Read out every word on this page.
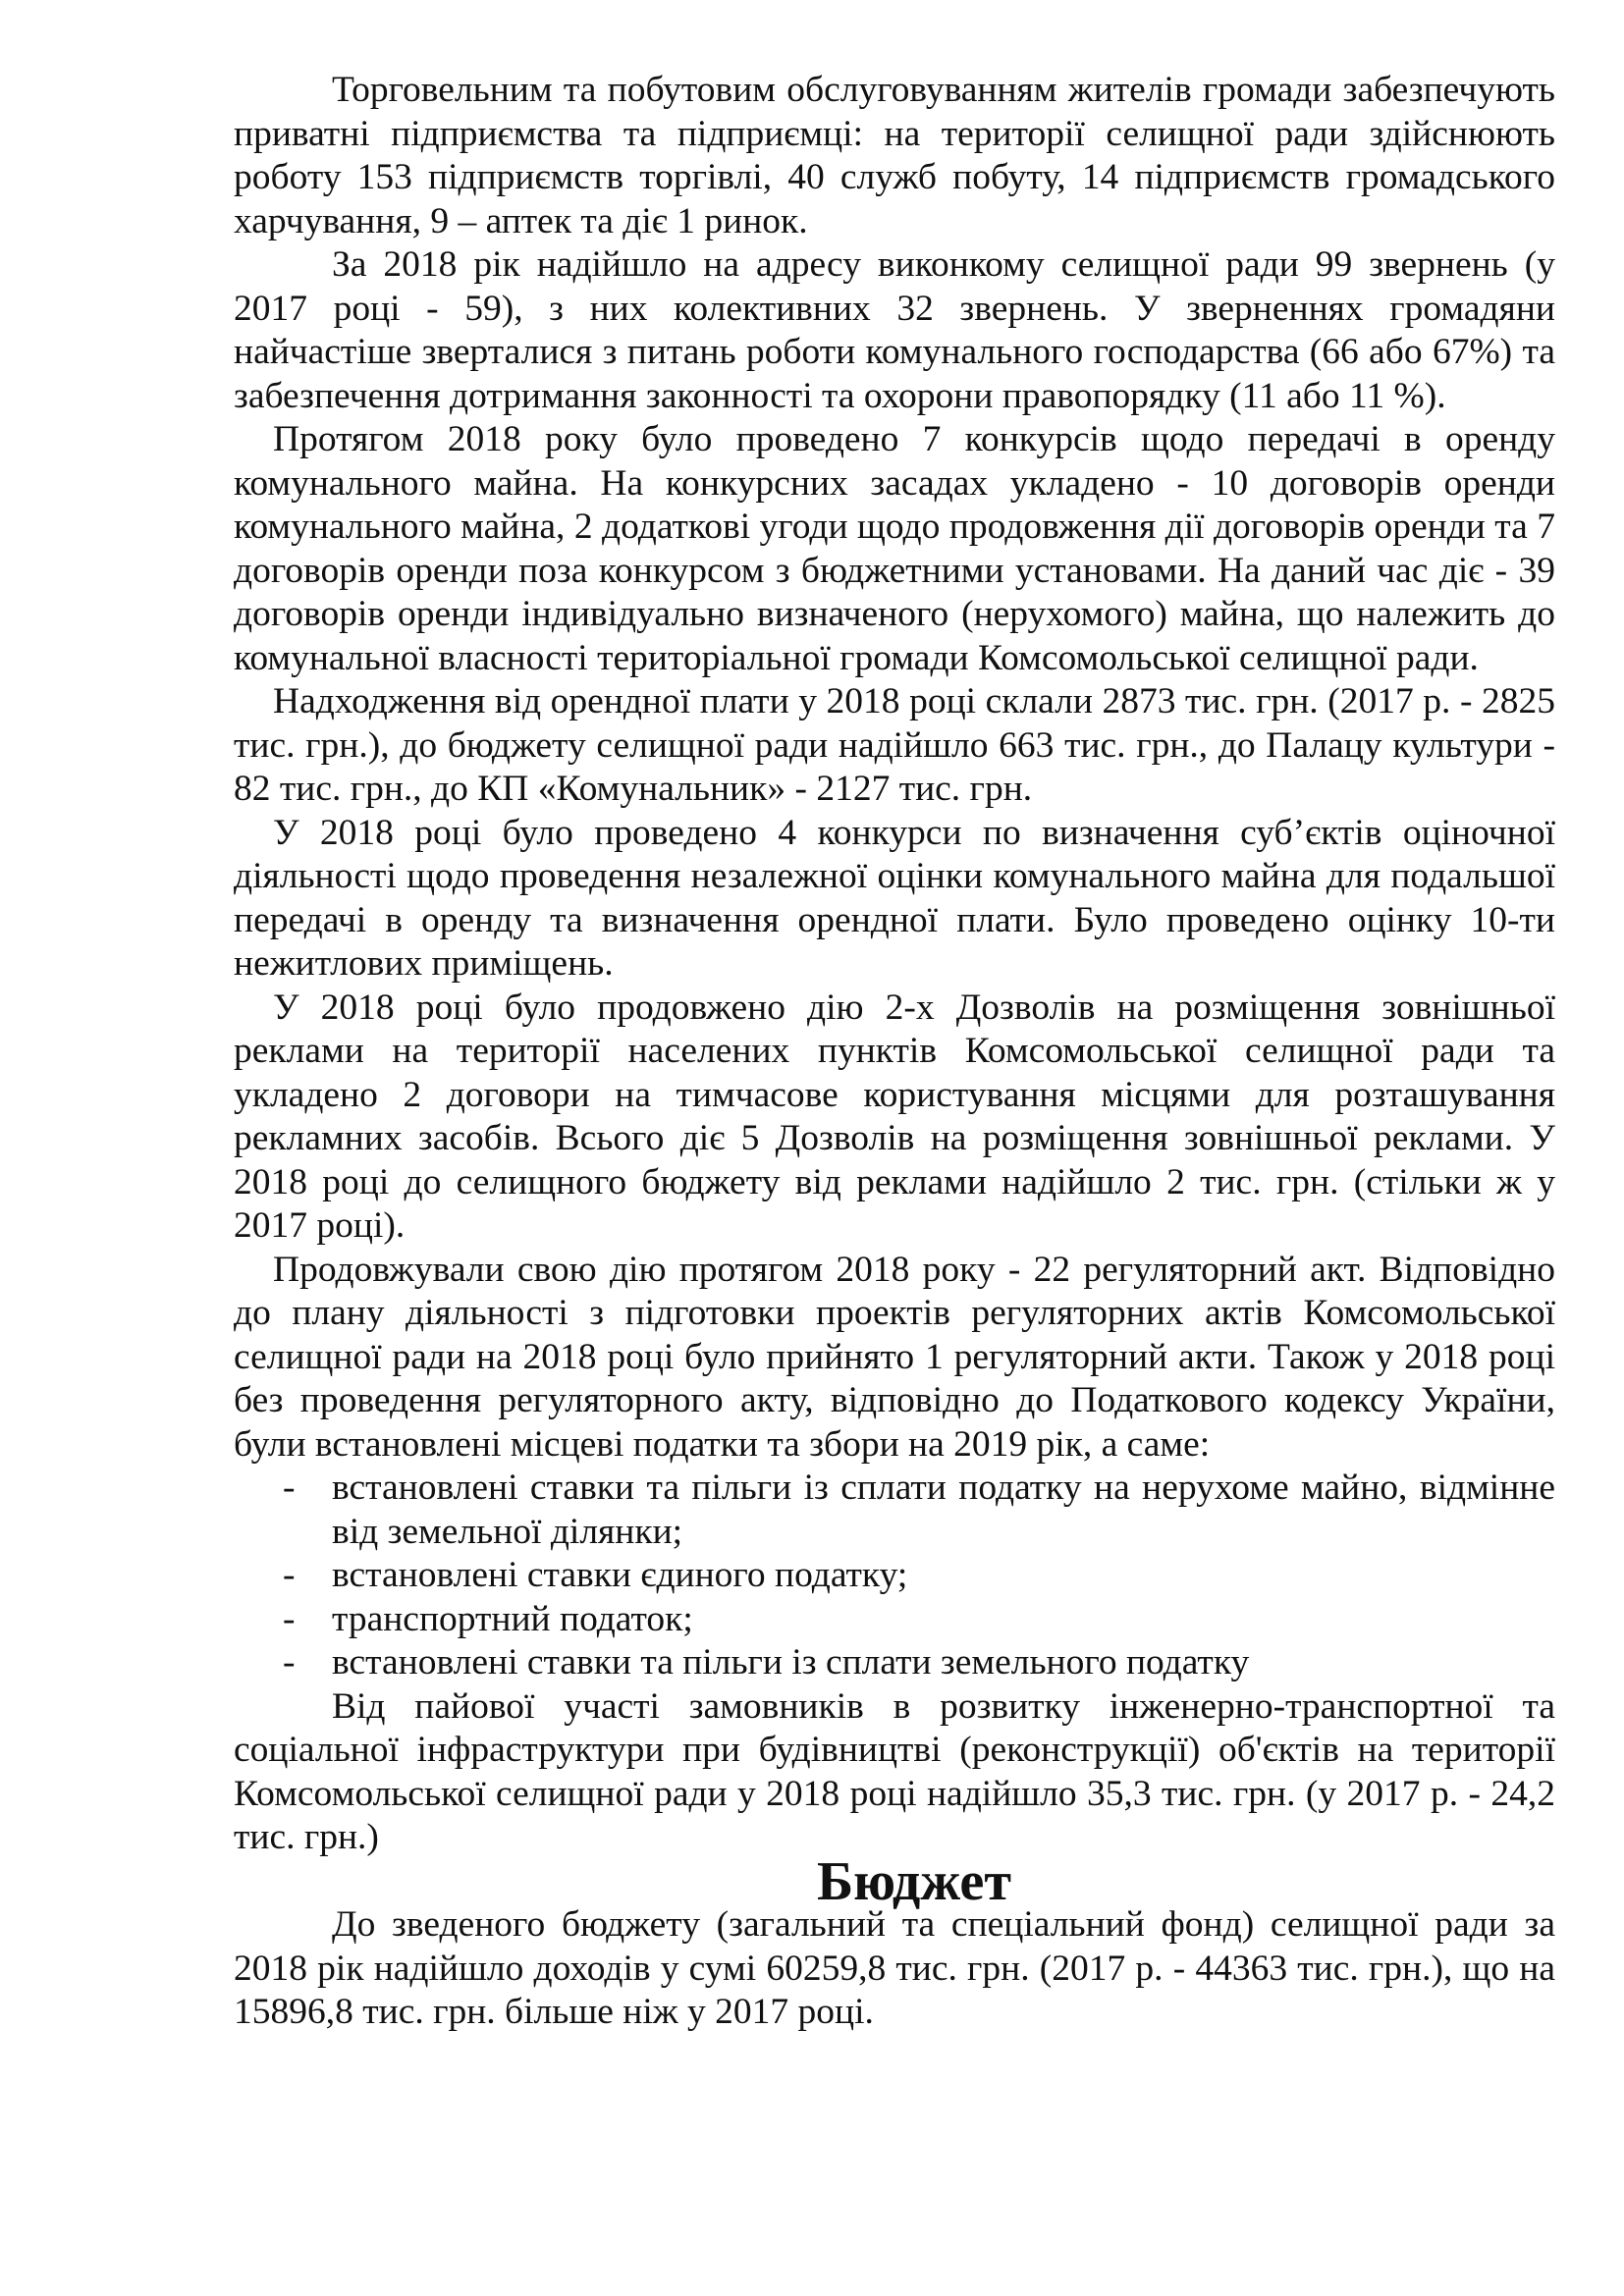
Торговельним та побутовим обслуговуванням жителів громади забезпечують приватні підприємства та підприємці: на території селищної ради здійснюють роботу 153 підприємств торгівлі, 40 служб побуту, 14 підприємств громадського харчування, 9 – аптек та діє 1 ринок.

За 2018 рік надійшло на адресу виконкому селищної ради 99 звернень (у 2017 році - 59), з них колективних 32 звернень. У зверненнях громадяни найчастіше зверталися з питань роботи комунального господарства (66 або 67%) та забезпечення дотримання законності та охорони правопорядку (11 або 11 %).

Протягом 2018 року було проведено 7 конкурсів щодо передачі в оренду комунального майна. На конкурсних засадах укладено - 10 договорів оренди комунального майна, 2 додаткові угоди щодо продовження дії договорів оренди та 7 договорів оренди поза конкурсом з бюджетними установами. На даний час діє - 39 договорів оренди індивідуально визначеного (нерухомого) майна, що належить до комунальної власності територіальної громади Комсомольської селищної ради.

Надходження від орендної плати у 2018 році склали 2873 тис. грн. (2017 р. - 2825 тис. грн.), до бюджету селищної ради надійшло 663 тис. грн., до Палацу культури - 82 тис. грн., до КП «Комунальник» - 2127 тис. грн.

У 2018 році було проведено 4 конкурси по визначення суб’єктів оціночної діяльності щодо проведення незалежної оцінки комунального майна для подальшої передачі в оренду та визначення орендної плати. Було проведено оцінку 10-ти нежитлових приміщень.

У 2018 році було продовжено дію 2-х Дозволів на розміщення зовнішньої реклами на території населених пунктів Комсомольської селищної ради та укладено 2 договори на тимчасове користування місцями для розташування рекламних засобів. Всього діє 5 Дозволів на розміщення зовнішньої реклами. У 2018 році до селищного бюджету від реклами надійшло 2 тис. грн. (стільки ж у 2017 році).

Продовжували свою дію протягом 2018 року - 22 регуляторний акт. Відповідно до плану діяльності з підготовки проектів регуляторних актів Комсомольської селищної ради на 2018 році було прийнято 1 регуляторний акти. Також у 2018 році без проведення регуляторного акту, відповідно до Податкового кодексу України, були встановлені місцеві податки та збори на 2019 рік, а саме:

- встановлені ставки та пільги із сплати податку на нерухоме майно, відмінне від земельної ділянки;
- встановлені ставки єдиного податку;
- транспортний податок;
- встановлені ставки та пільги із сплати земельного податку

Від пайової участі замовників в розвитку інженерно-транспортної та соціальної інфраструктури при будівництві (реконструкції) об'єктів на території Комсомольської селищної ради у 2018 році надійшло 35,3 тис. грн. (у 2017 р. - 24,2 тис. грн.)

Бюджет

До зведеного бюджету (загальний та спеціальний фонд) селищної ради за 2018 рік надійшло доходів у сумі 60259,8 тис. грн. (2017 р. - 44363 тис. грн.), що на 15896,8 тис. грн. більше ніж у 2017 році.
